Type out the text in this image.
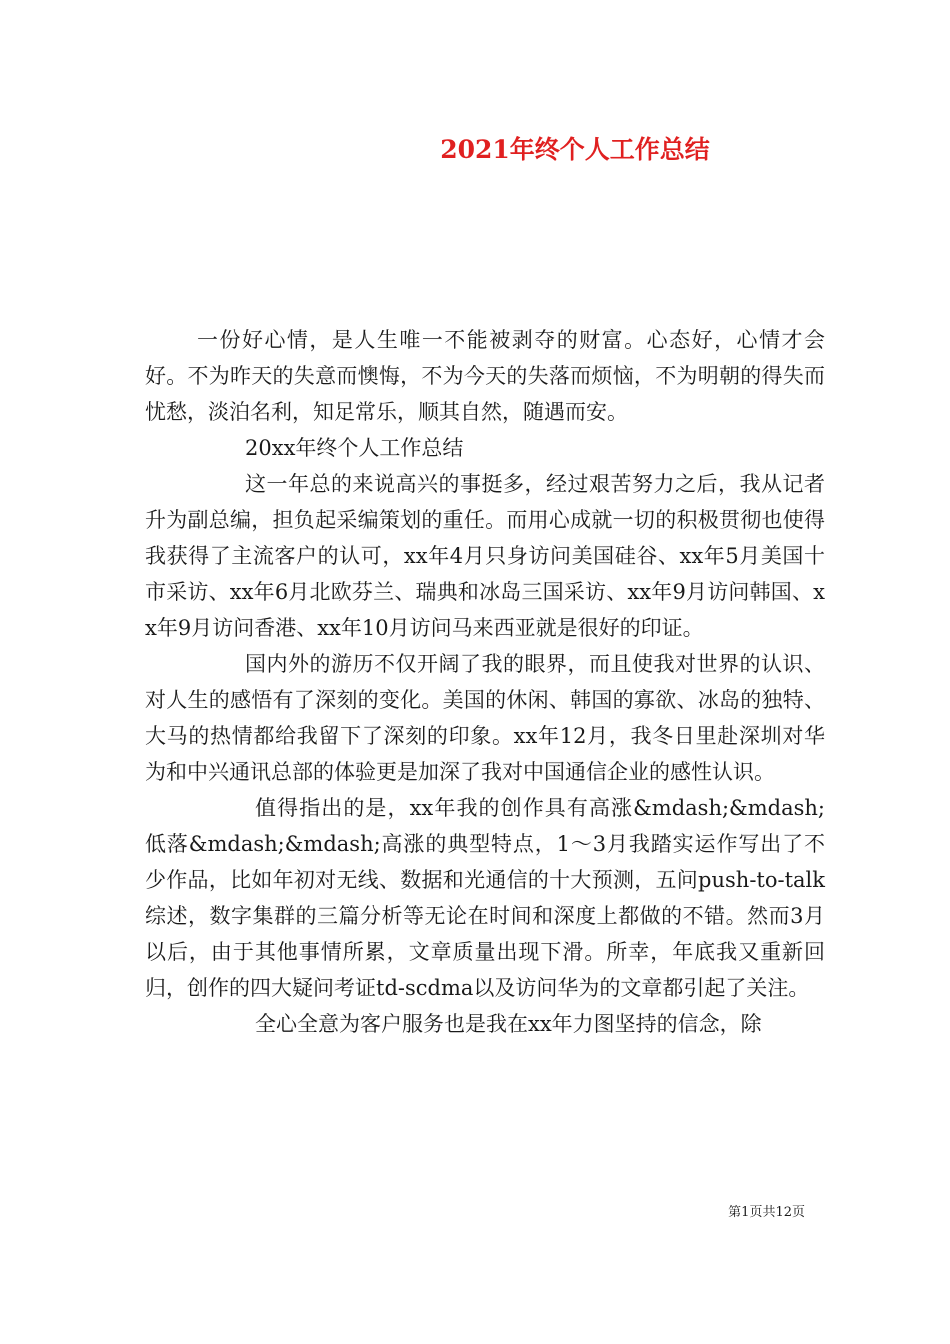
2021年终个人工作总结

一份好心情，是人生唯一不能被剥夺的财富。心态好，心情才会好。不为昨天的失意而懊悔，不为今天的失落而烦恼，不为明朝的得失而忧愁，淡泊名利，知足常乐，顺其自然，随遇而安。

20xx年终个人工作总结

这一年总的来说高兴的事挺多，经过艰苦努力之后，我从记者升为副总编，担负起采编策划的重任。而用心成就一切的积极贯彻也使得我获得了主流客户的认可，xx年4月只身访问美国硅谷、xx年5月美国十市采访、xx年6月北欧芬兰、瑞典和冰岛三国采访、xx年9月访问韩国、xx年9月访问香港、xx年10月访问马来西亚就是很好的印证。

国内外的游历不仅开阔了我的眼界，而且使我对世界的认识、对人生的感悟有了深刻的变化。美国的休闲、韩国的寡欲、冰岛的独特、大马的热情都给我留下了深刻的印象。xx年12月，我冬日里赴深圳对华为和中兴通讯总部的体验更是加深了我对中国通信企业的感性认识。

值得指出的是，xx年我的创作具有高涨&mdash;&mdash;低落&mdash;&mdash;高涨的典型特点，1～3月我踏实运作写出了不少作品，比如年初对无线、数据和光通信的十大预测，五问push-to-talk综述，数字集群的三篇分析等无论在时间和深度上都做的不错。然而3月以后，由于其他事情所累，文章质量出现下滑。所幸，年底我又重新回归，创作的四大疑问考证td-scdma以及访问华为的文章都引起了关注。

全心全意为客户服务也是我在xx年力图坚持的信念，除

第1页共12页
